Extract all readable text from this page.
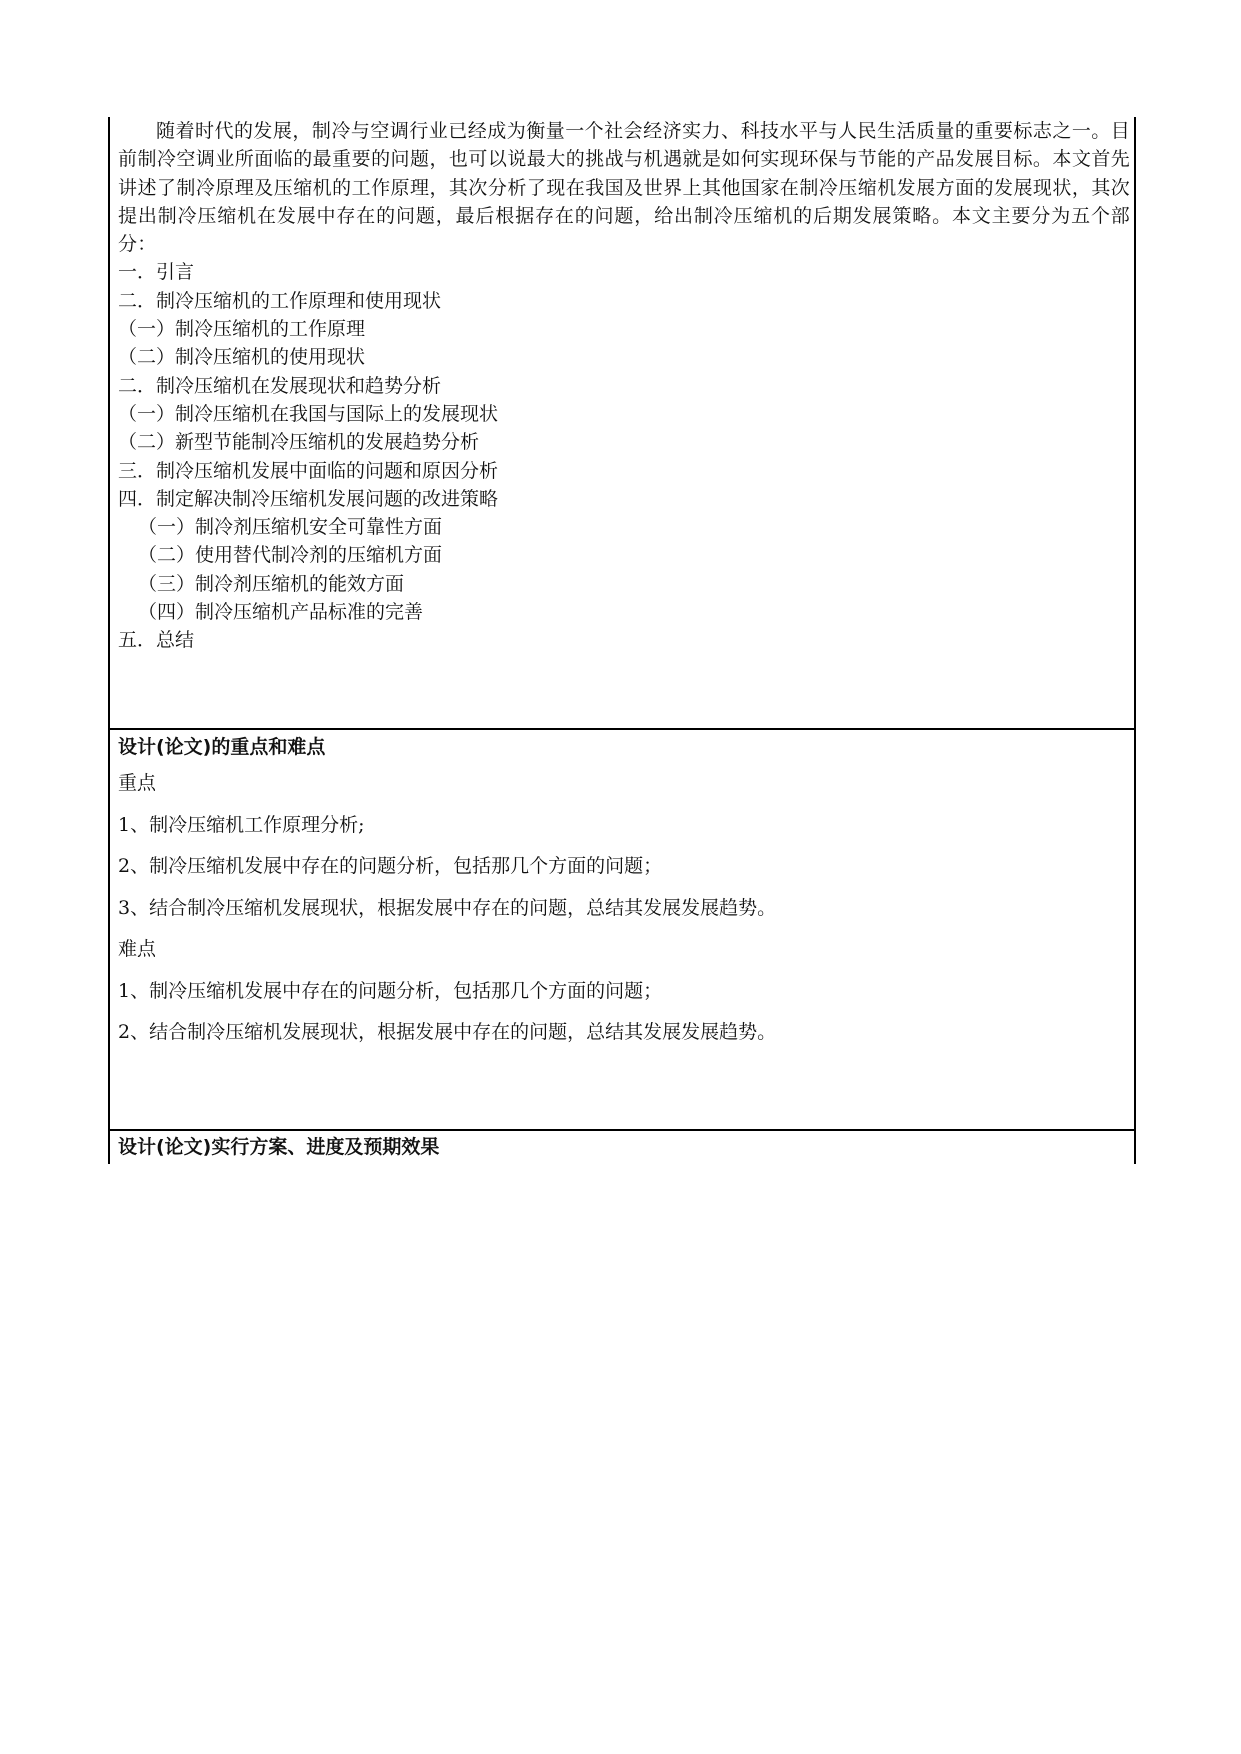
随着时代的发展，制冷与空调行业已经成为衡量一个社会经济实力、科技水平与人民生活质量的重要标志之一。目前制冷空调业所面临的最重要的问题，也可以说最大的挑战与机遇就是如何实现环保与节能的产品发展目标。本文首先讲述了制冷原理及压缩机的工作原理，其次分析了现在我国及世界上其他国家在制冷压缩机发展方面的发展现状，其次提出制冷压缩机在发展中存在的问题，最后根据存在的问题，给出制冷压缩机的后期发展策略。本文主要分为五个部分：

一．引言
二．制冷压缩机的工作原理和使用现状
（一）制冷压缩机的工作原理
（二）制冷压缩机的使用现状
二．制冷压缩机在发展现状和趋势分析
（一）制冷压缩机在我国与国际上的发展现状
（二）新型节能制冷压缩机的发展趋势分析
三．制冷压缩机发展中面临的问题和原因分析
四．制定解决制冷压缩机发展问题的改进策略
（一）制冷剂压缩机安全可靠性方面
（二）使用替代制冷剂的压缩机方面
（三）制冷剂压缩机的能效方面
（四）制冷压缩机产品标准的完善
五．总结

设计(论文)的重点和难点

重点

1、制冷压缩机工作原理分析;

2、制冷压缩机发展中存在的问题分析，包括那几个方面的问题；

3、结合制冷压缩机发展现状，根据发展中存在的问题，总结其发展发展趋势。

难点

1、制冷压缩机发展中存在的问题分析，包括那几个方面的问题；

2、结合制冷压缩机发展现状，根据发展中存在的问题，总结其发展发展趋势。

设计(论文)实行方案、进度及预期效果
